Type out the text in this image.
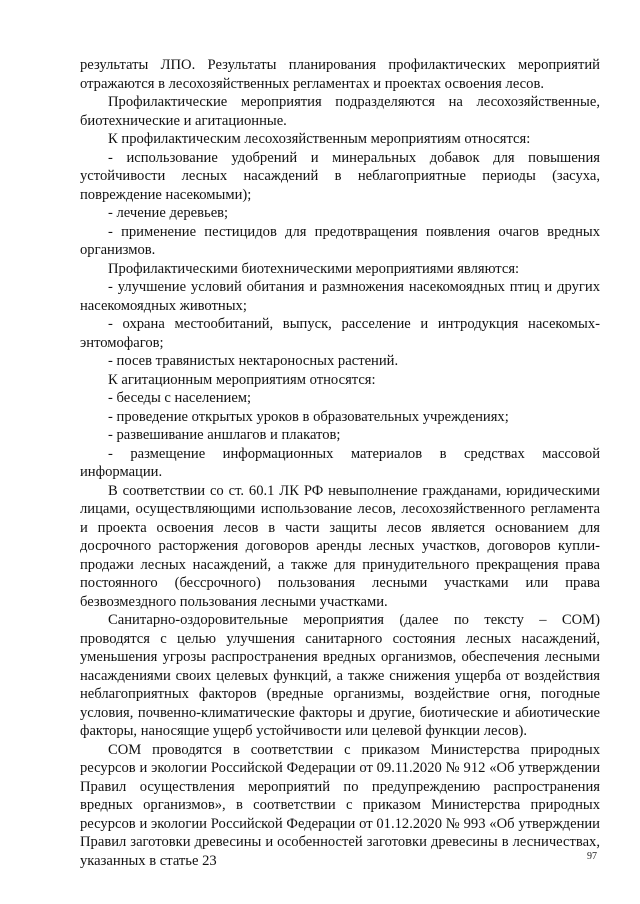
результаты ЛПО. Результаты планирования профилактических мероприятий отражаются в лесохозяйственных регламентах и проектах освоения лесов.

Профилактические мероприятия подразделяются на лесохозяйственные, биотехнические и агитационные.

К профилактическим лесохозяйственным мероприятиям относятся:

- использование удобрений и минеральных добавок для повышения устойчивости лесных насаждений в неблагоприятные периоды (засуха, повреждение насекомыми);

- лечение деревьев;

- применение пестицидов для предотвращения появления очагов вредных организмов.

Профилактическими биотехническими мероприятиями являются:

- улучшение условий обитания и размножения насекомоядных птиц и других насекомоядных животных;

- охрана местообитаний, выпуск, расселение и интродукция насекомых-энтомофагов;

- посев травянистых нектароносных растений.

К агитационным мероприятиям относятся:

- беседы с населением;

- проведение открытых уроков в образовательных учреждениях;

- развешивание аншлагов и плакатов;

- размещение информационных материалов в средствах массовой информации.

В соответствии со ст. 60.1 ЛК РФ невыполнение гражданами, юридическими лицами, осуществляющими использование лесов, лесохозяйственного регламента и проекта освоения лесов в части защиты лесов является основанием для досрочного расторжения договоров аренды лесных участков, договоров купли-продажи лесных насаждений, а также для принудительного прекращения права постоянного (бессрочного) пользования лесными участками или права безвозмездного пользования лесными участками.

Санитарно-оздоровительные мероприятия (далее по тексту – СОМ) проводятся с целью улучшения санитарного состояния лесных насаждений, уменьшения угрозы распространения вредных организмов, обеспечения лесными насаждениями своих целевых функций, а также снижения ущерба от воздействия неблагоприятных факторов (вредные организмы, воздействие огня, погодные условия, почвенно-климатические факторы и другие, биотические и абиотические факторы, наносящие ущерб устойчивости или целевой функции лесов).

СОМ проводятся в соответствии с приказом Министерства природных ресурсов и экологии Российской Федерации от 09.11.2020 № 912 «Об утверждении Правил осуществления мероприятий по предупреждению распространения вредных организмов», в соответствии с приказом Министерства природных ресурсов и экологии Российской Федерации от 01.12.2020 № 993 «Об утверждении Правил заготовки древесины и особенностей заготовки древесины в лесничествах, указанных в статье 23	97
